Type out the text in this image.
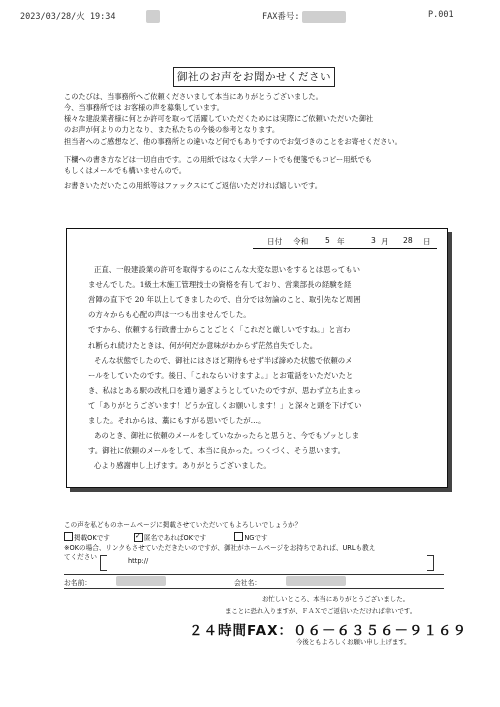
2023/03/28/火 19:34	FAX番号:	P.001
御社のお声をお聞かせください
このたびは、当事務所へご依頼くださいまして本当にありがとうございました。
今、当事務所では お客様の声を募集しています。
様々な建設業者様に何とか許可を取って活躍していただくためには実際にご依頼いただいた御社
のお声が何よりの力となり、また私たちの今後の参考となります。
担当者へのご感想など、他の事務所との違いなど何でもありですのでお気づきのことをお寄せください。
下欄への書き方などは一切自由です。この用紙ではなく大学ノートでも便箋でもコピー用紙でも
もしくはメールでも構いませんので。
お書きいただいたこの用紙等はファックスにてご返信いただければ嬉しいです。
日付 令和 5 年	3 月 28 日
正直、一般建設業の許可を取得するのにこんな大変な思いをするとは思ってもい
ませんでした。1級土木施工管理技士の資格を有しており、営業部長の経験を経
営陣の直下で 20 年以上してきましたので、自分では勿論のこと、取引先など周囲
の方々からも心配の声は一つも出ませんでした。
ですから、依頼する行政書士からことごとく「これだと厳しいですね。」と言わ
れ断られ続けたときは、何が何だか意味がわからず茫然自失でした。
そんな状態でしたので、御社にはさほど期待もせず半ば諦めた状態で依頼のメ
ールをしていたのです。後日、「これならいけますよ。」とお電話をいただいたと
き、私はとある駅の改札口を通り過ぎようとしていたのですが、思わず立ち止まっ
て「ありがとうございます！どうか宜しくお願いします！」と深々と頭を下げてい
ました。それからは、藁にもすがる思いでしたが…。
あのとき、御社に依頼のメールをしていなかったらと思うと、今でもゾッとしま
す。御社に依頼のメールをして、本当に良かった。つくづく、そう思います。
心より感謝申し上げます。ありがとうございました。
この声を私どものホームページに掲載させていただいてもよろしいでしょうか？
掲載OKです ✓	匿名であればOKです	NGです
※OKの場合、リンクもさせていただきたいのですが、御社がホームページをお持ちであれば、URLも教え
てください	http://
お名前：	会社名：
お忙しいところ、本当にありがとうございました。
まことに恐れ入りますが、ＦＡＸでご返信いただければ幸いです。
２４時間FAX：０６－６３５６－９１６９
今後ともよろしくお願い申し上げます。
